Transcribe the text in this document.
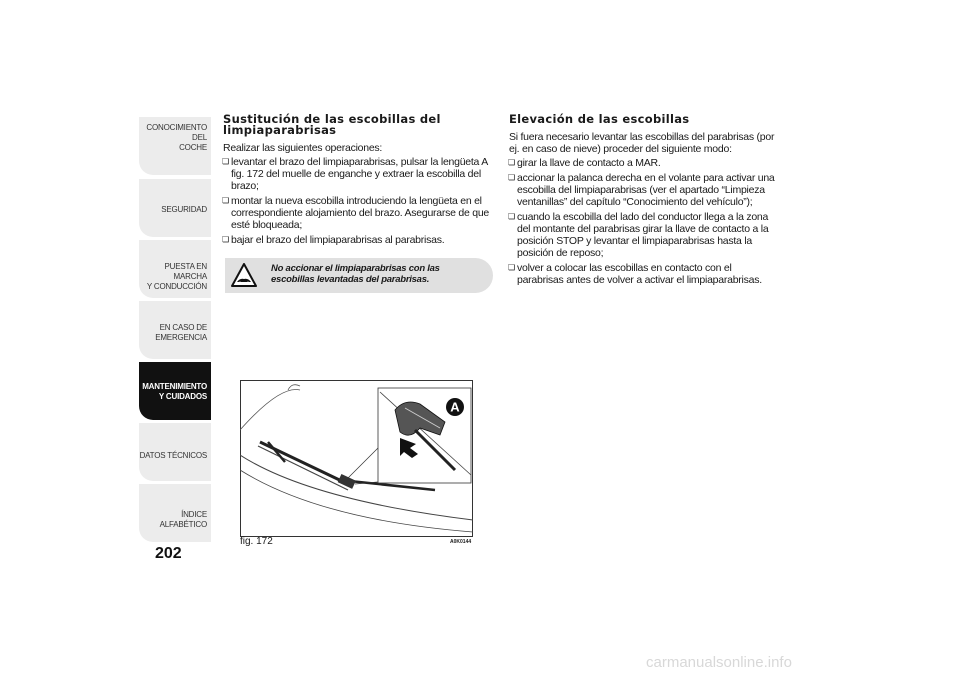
CONOCIMIENTO DEL
COCHE
SEGURIDAD
PUESTA EN MARCHA
Y CONDUCCIÓN
EN CASO DE
EMERGENCIA
MANTENIMIENTO
Y CUIDADOS
DATOS TÉCNICOS
ÍNDICE ALFABÉTICO
202
Sustitución de las escobillas del limpiaparabrisas

Realizar las siguientes operaciones:

❏ levantar el brazo del limpiaparabrisas, pulsar la lengüeta A fig. 172 del muelle de enganche y extraer la escobilla del brazo;
❏ montar la nueva escobilla introduciendo la lengüeta en el correspondiente alojamiento del brazo. Asegurarse de que esté bloqueada;
❏ bajar el brazo del limpiaparabrisas al parabrisas.
No accionar el limpiaparabrisas con las escobillas levantadas del parabrisas.
Elevación de las escobillas

Si fuera necesario levantar las escobillas del parabrisas (por ej. en caso de nieve) proceder del siguiente modo:

❏ girar la llave de contacto a MAR.
❏ accionar la palanca derecha en el volante para activar una escobilla del limpiaparabrisas (ver el apartado “Limpieza ventanillas” del capítulo “Conocimiento del vehículo”);
❏ cuando la escobilla del lado del conductor llega a la zona del montante del parabrisas girar la llave de contacto a la posición STOP y levantar el limpiaparabrisas hasta la posición de reposo;
❏ volver a colocar las escobillas en contacto con el parabrisas antes de volver a activar el limpiaparabrisas.
A
fig. 172	A0K0144
carmanualsonline.info
